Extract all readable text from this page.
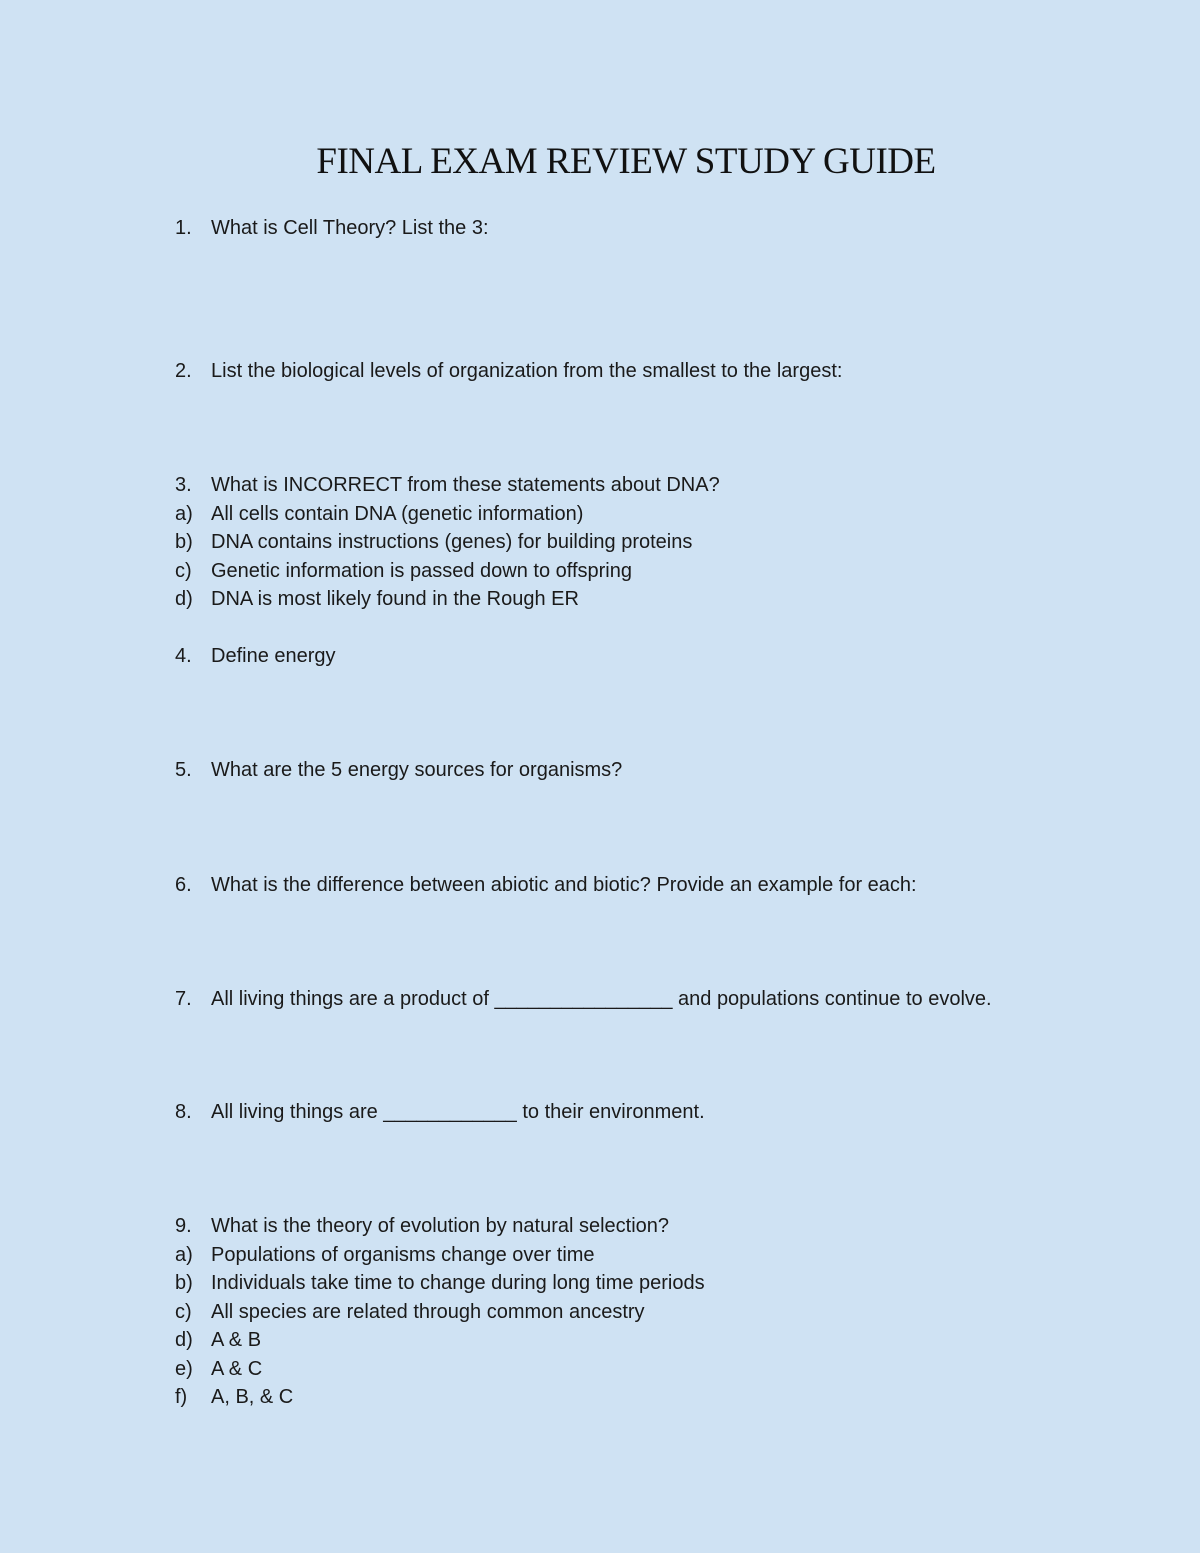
FINAL EXAM REVIEW STUDY GUIDE
1. What is Cell Theory? List the 3:
2. List the biological levels of organization from the smallest to the largest:
3. What is INCORRECT from these statements about DNA?
a) All cells contain DNA (genetic information)
b) DNA contains instructions (genes) for building proteins
c) Genetic information is passed down to offspring
d) DNA is most likely found in the Rough ER
4. Define energy
5. What are the 5 energy sources for organisms?
6. What is the difference between abiotic and biotic? Provide an example for each:
7. All living things are a product of ________________ and populations continue to evolve.
8. All living things are ____________ to their environment.
9. What is the theory of evolution by natural selection?
a) Populations of organisms change over time
b) Individuals take time to change during long time periods
c) All species are related through common ancestry
d) A & B
e) A & C
f)	A, B, & C
